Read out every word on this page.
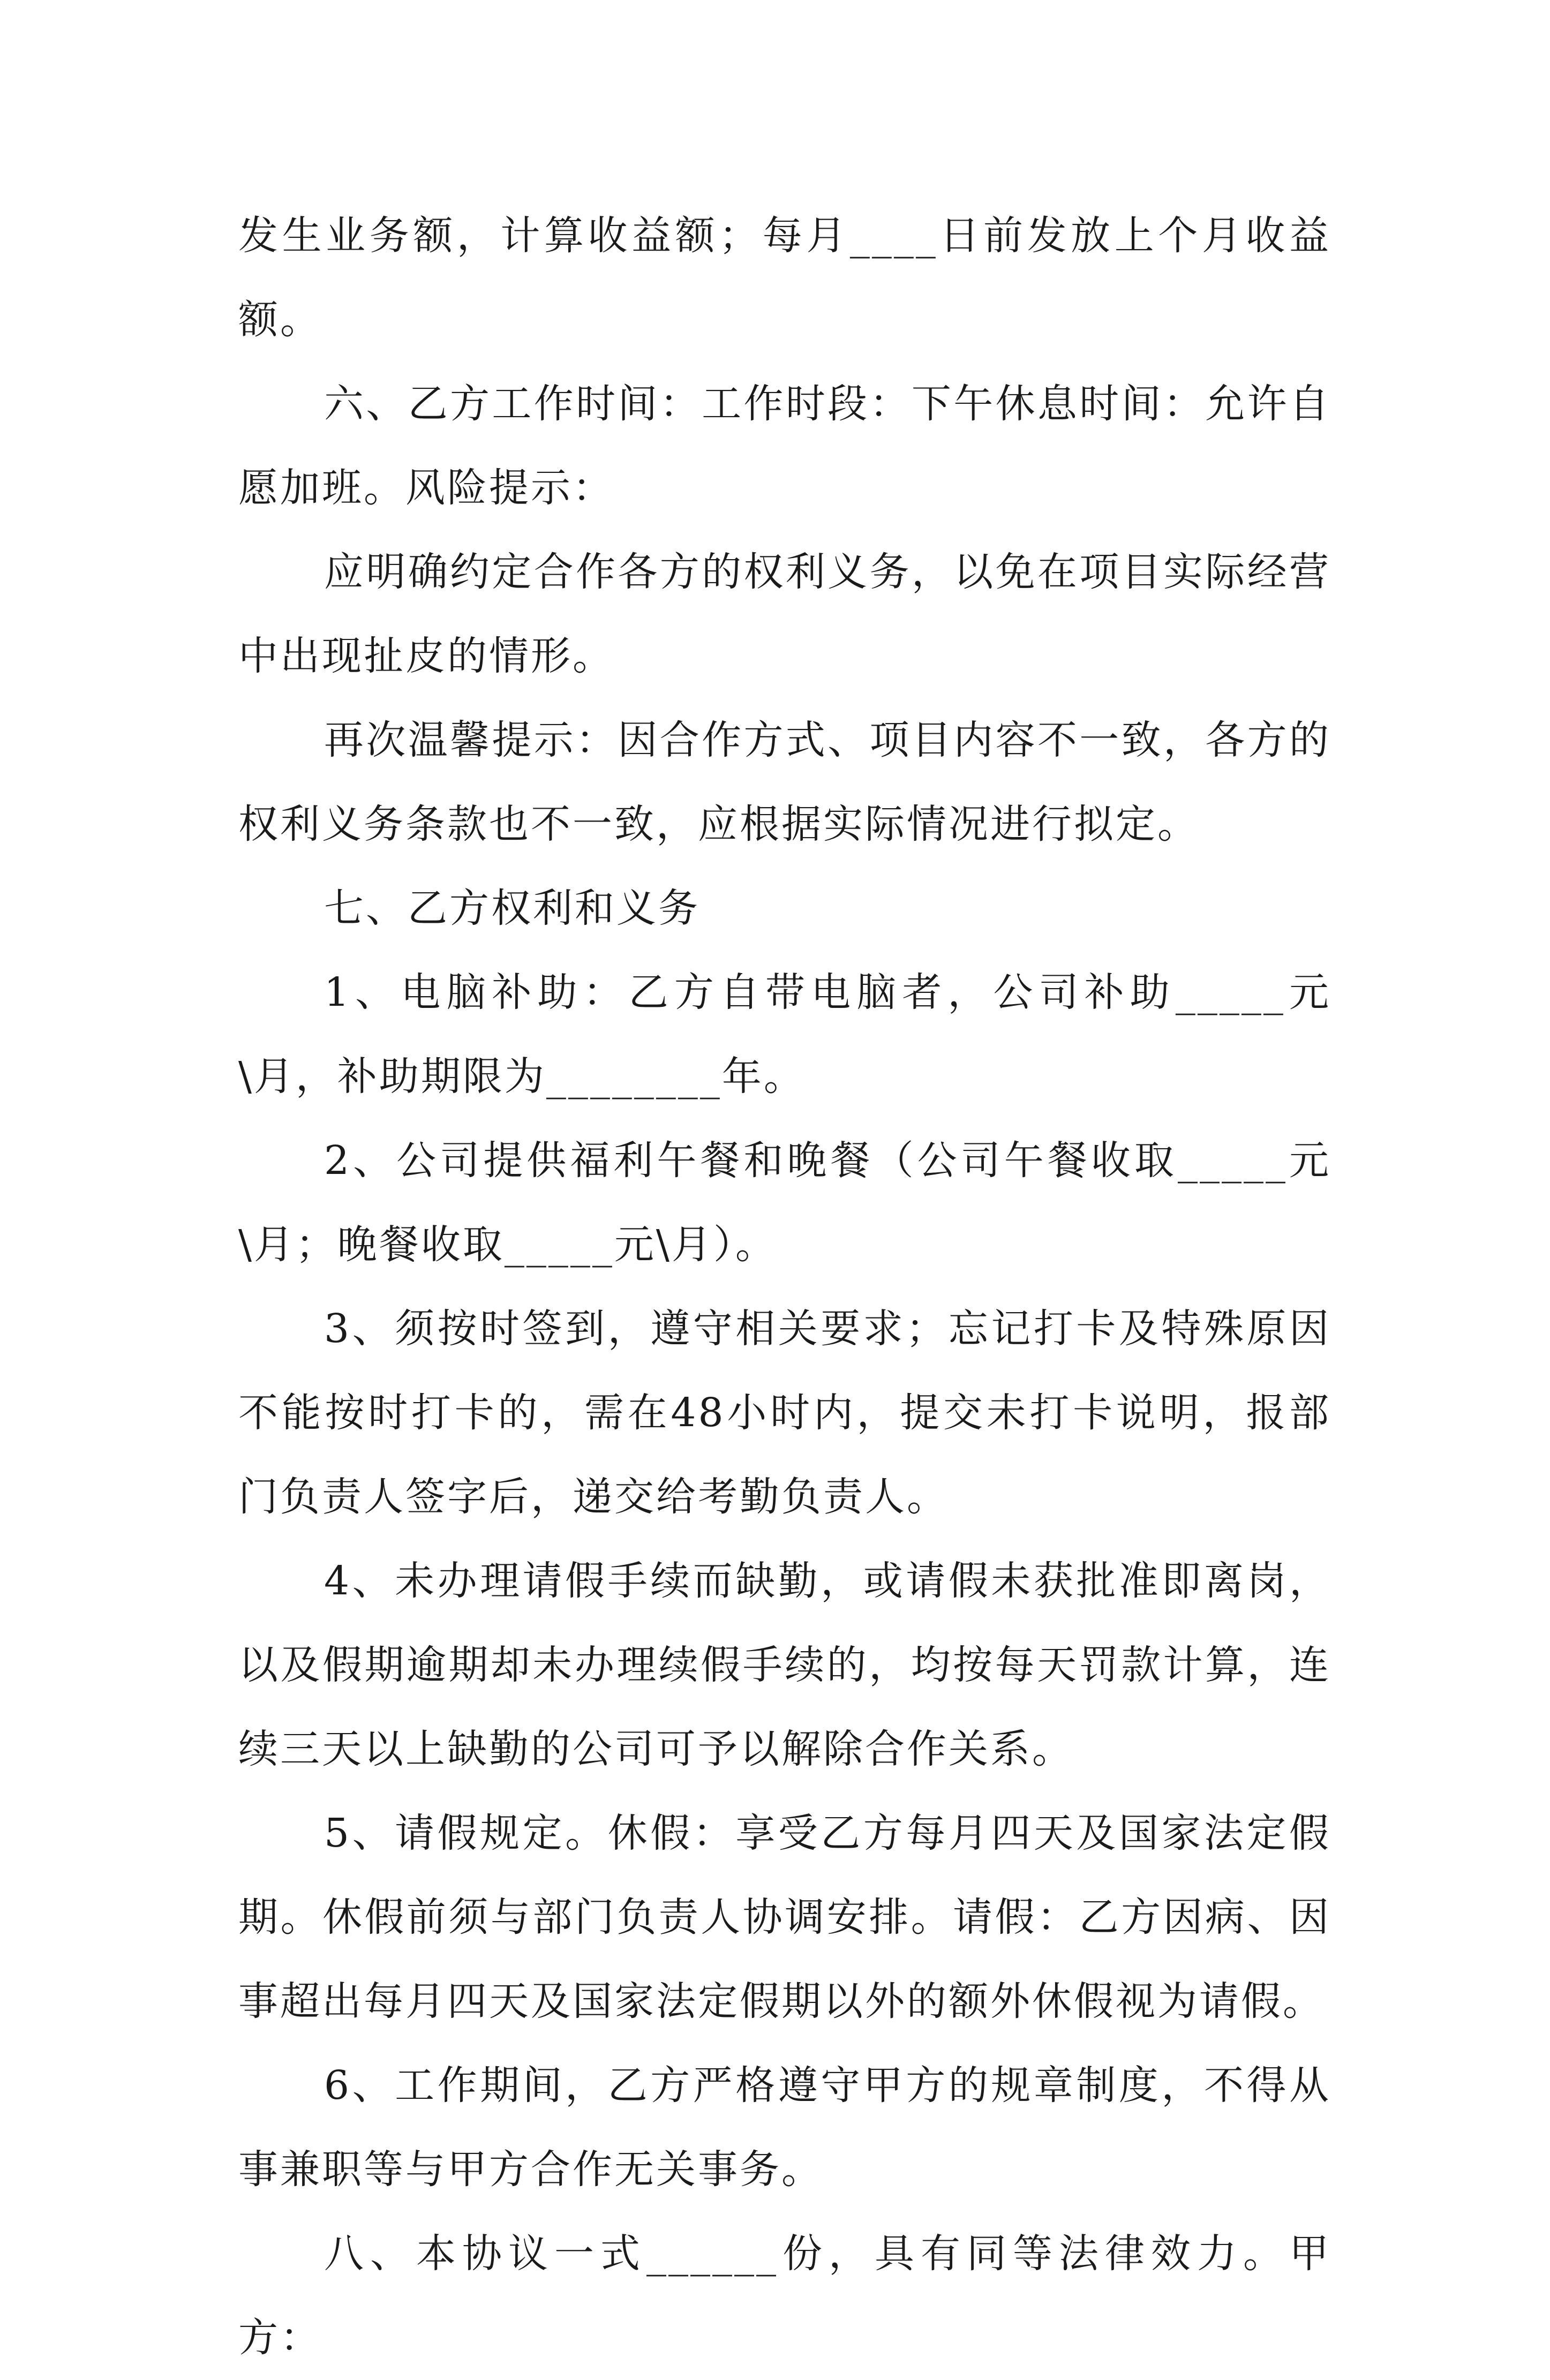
发生业务额，计算收益额；每月____日前发放上个月收益额。

六、乙方工作时间：工作时段：下午休息时间：允许自愿加班。风险提示：

应明确约定合作各方的权利义务，以免在项目实际经营中出现扯皮的情形。

再次温馨提示：因合作方式、项目内容不一致，各方的权利义务条款也不一致，应根据实际情况进行拟定。

七、乙方权利和义务

1、电脑补助：乙方自带电脑者，公司补助_____元\月，补助期限为________年。

2、公司提供福利午餐和晚餐（公司午餐收取_____元\月；晚餐收取_____元\月）。

3、须按时签到，遵守相关要求；忘记打卡及特殊原因不能按时打卡的，需在48小时内，提交未打卡说明，报部门负责人签字后，递交给考勤负责人。

4、未办理请假手续而缺勤，或请假未获批准即离岗，以及假期逾期却未办理续假手续的，均按每天罚款计算，连续三天以上缺勤的公司可予以解除合作关系。

5、请假规定。休假：享受乙方每月四天及国家法定假期。休假前须与部门负责人协调安排。请假：乙方因病、因事超出每月四天及国家法定假期以外的额外休假视为请假。

6、工作期间，乙方严格遵守甲方的规章制度，不得从事兼职等与甲方合作无关事务。

八、本协议一式______份，具有同等法律效力。甲方：
